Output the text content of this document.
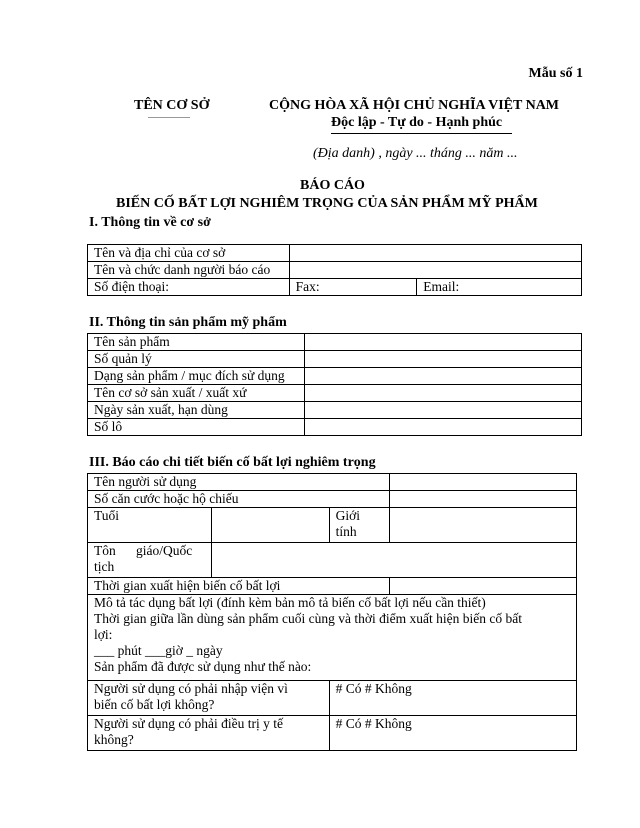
Mẫu số 1
TÊN CƠ SỞ	CỘNG HÒA XÃ HỘI CHỦ NGHĨA VIỆT NAM
Độc lập - Tự do - Hạnh phúc
(Địa danh) , ngày ... tháng ... năm ...
BÁO CÁO
BIẾN CỐ BẤT LỢI NGHIÊM TRỌNG CỦA SẢN PHẨM MỸ PHẨM
I. Thông tin về cơ sở
Tên và địa chỉ của cơ sở		
Tên và chức danh người báo cáo		
Số điện thoại:	Fax:	Email:
II. Thông tin sản phẩm mỹ phẩm
Tên sản phẩm	
Số quản lý	
Dạng sản phẩm / mục đích sử dụng	
Tên cơ sở sản xuất / xuất xứ	
Ngày sản xuất, hạn dùng	
Số lô	
III. Báo cáo chi tiết biến cố bất lợi nghiêm trọng
Tên người sử dụng			
Số căn cước hoặc hộ chiếu			
Tuổi		Giới
tính	

Tôn      giáo/Quốc
tịch			

Thời gian xuất hiện biến cố bất lợi			

Mô tả tác dụng bất lợi (đính kèm bản mô tả biến cố bất lợi nếu cần thiết)
Thời gian giữa lần dùng sản phẩm cuối cùng và thời điểm xuất hiện biến cố bất
lợi:
___ phút ___giờ _ ngày
Sản phẩm đã được sử dụng như thế nào:			

Người sử dụng có phải nhập viện vì
biến cố bất lợi không?		# Có # Không	

Người sử dụng có phải điều trị y tế
không?		# Có # Không	
